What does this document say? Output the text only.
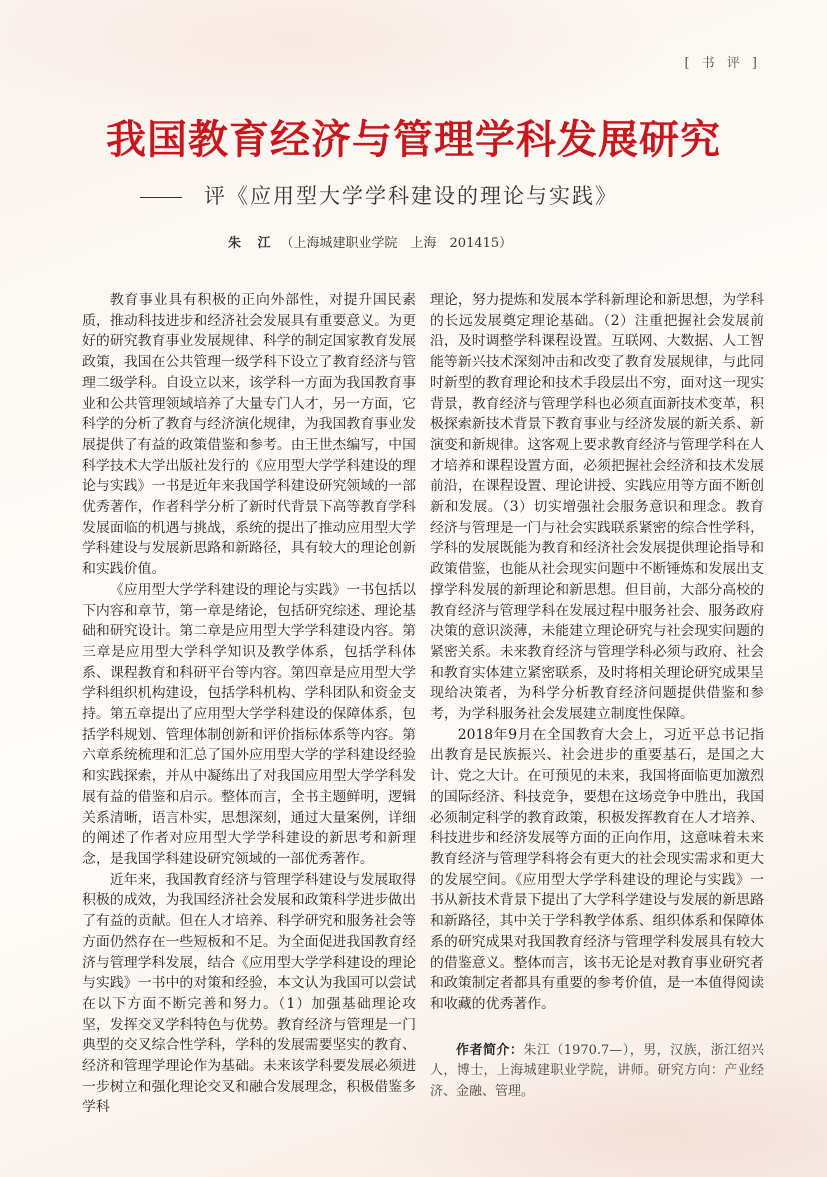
[ 书 评 ]
我国教育经济与管理学科发展研究
评《应用型大学学科建设的理论与实践》
朱 江 （上海城建职业学院　上海　201415）

教育事业具有积极的正向外部性，对提升国民素质，推动科技进步和经济社会发展具有重要意义。为更好的研究教育事业发展规律、科学的制定国家教育发展政策，我国在公共管理一级学科下设立了教育经济与管理二级学科。自设立以来，该学科一方面为我国教育事业和公共管理领域培养了大量专门人才，另一方面，它科学的分析了教育与经济演化规律，为我国教育事业发展提供了有益的政策借鉴和参考。由王世杰编写，中国科学技术大学出版社发行的《应用型大学学科建设的理论与实践》一书是近年来我国学科建设研究领域的一部优秀著作，作者科学分析了新时代背景下高等教育学科发展面临的机遇与挑战，系统的提出了推动应用型大学学科建设与发展新思路和新路径，具有较大的理论创新和实践价值。

《应用型大学学科建设的理论与实践》一书包括以下内容和章节，第一章是绪论，包括研究综述、理论基础和研究设计。第二章是应用型大学学科建设内容。第三章是应用型大学科学知识及教学体系，包括学科体系、课程教育和科研平台等内容。第四章是应用型大学学科组织机构建设，包括学科机构、学科团队和资金支持。第五章提出了应用型大学学科建设的保障体系，包括学科规划、管理体制创新和评价指标体系等内容。第六章系统梳理和汇总了国外应用型大学的学科建设经验和实践探索，并从中凝练出了对我国应用型大学学科发展有益的借鉴和启示。整体而言，全书主题鲜明，逻辑关系清晰，语言朴实，思想深刻，通过大量案例，详细的阐述了作者对应用型大学学科建设的新思考和新理念，是我国学科建设研究领域的一部优秀著作。

近年来，我国教育经济与管理学科建设与发展取得积极的成效，为我国经济社会发展和政策科学进步做出了有益的贡献。但在人才培养、科学研究和服务社会等方面仍然存在一些短板和不足。为全面促进我国教育经济与管理学科发展，结合《应用型大学学科建设的理论与实践》一书中的对策和经验，本文认为我国可以尝试在以下方面不断完善和努力。（1）加强基础理论攻坚，发挥交叉学科特色与优势。教育经济与管理是一门典型的交叉综合性学科，学科的发展需要坚实的教育、经济和管理学理论作为基础。未来该学科要发展必须进一步树立和强化理论交叉和融合发展理念，积极借鉴多学科

理论，努力提炼和发展本学科新理论和新思想，为学科的长远发展奠定理论基础。（2）注重把握社会发展前沿，及时调整学科课程设置。互联网、大数据、人工智能等新兴技术深刻冲击和改变了教育发展规律，与此同时新型的教育理论和技术手段层出不穷，面对这一现实背景，教育经济与管理学科也必须直面新技术变革，积极探索新技术背景下教育事业与经济发展的新关系、新演变和新规律。这客观上要求教育经济与管理学科在人才培养和课程设置方面，必须把握社会经济和技术发展前沿，在课程设置、理论讲授、实践应用等方面不断创新和发展。（3）切实增强社会服务意识和理念。教育经济与管理是一门与社会实践联系紧密的综合性学科，学科的发展既能为教育和经济社会发展提供理论指导和政策借鉴，也能从社会现实问题中不断锤炼和发展出支撑学科发展的新理论和新思想。但目前，大部分高校的教育经济与管理学科在发展过程中服务社会、服务政府决策的意识淡薄，未能建立理论研究与社会现实问题的紧密关系。未来教育经济与管理学科必须与政府、社会和教育实体建立紧密联系，及时将相关理论研究成果呈现给决策者，为科学分析教育经济问题提供借鉴和参考，为学科服务社会发展建立制度性保障。

2018年9月在全国教育大会上，习近平总书记指出教育是民族振兴、社会进步的重要基石，是国之大计、党之大计。在可预见的未来，我国将面临更加激烈的国际经济、科技竞争，要想在这场竞争中胜出，我国必须制定科学的教育政策，积极发挥教育在人才培养、科技进步和经济发展等方面的正向作用，这意味着未来教育经济与管理学科将会有更大的社会现实需求和更大的发展空间。《应用型大学学科建设的理论与实践》一书从新技术背景下提出了大学科学建设与发展的新思路和新路径，其中关于学科教学体系、组织体系和保障体系的研究成果对我国教育经济与管理学科发展具有较大的借鉴意义。整体而言，该书无论是对教育事业研究者和政策制定者都具有重要的参考价值，是一本值得阅读和收藏的优秀著作。

作者简介：朱江（1970.7—），男，汉族，浙江绍兴人，博士，上海城建职业学院，讲师。研究方向：产业经济、金融、管理。
